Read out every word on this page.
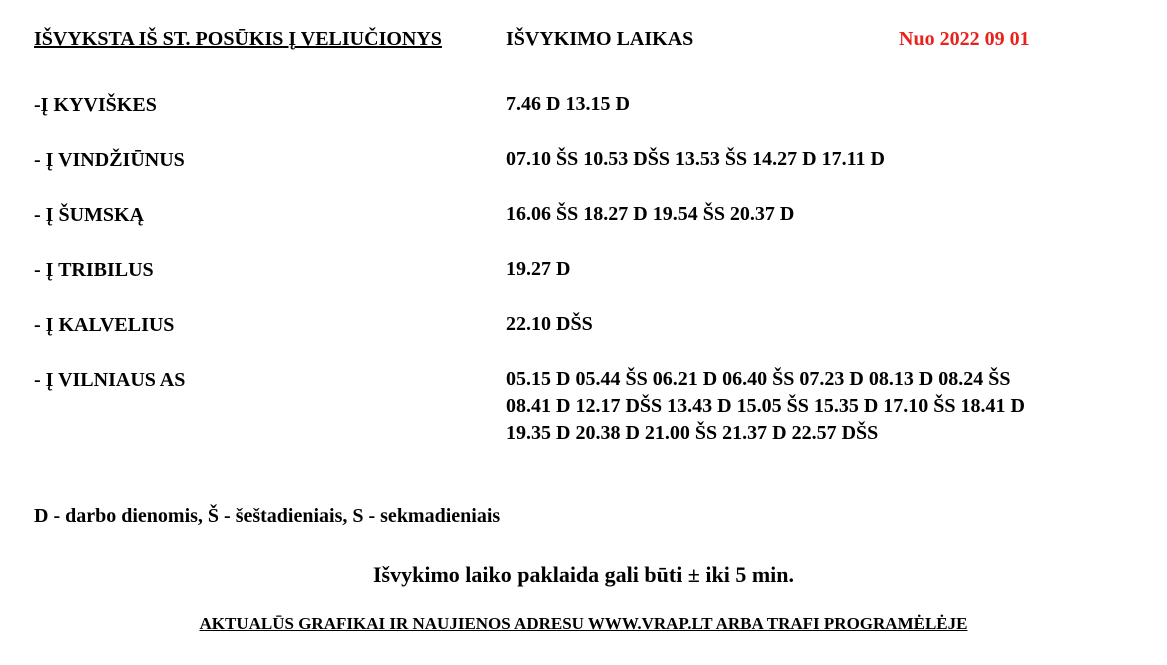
IŠVYKSTA IŠ ST. POSŪKIS Į VELIUČIONYS	IŠVYKIMO LAIKAS	Nuo 2022 09 01
-Į KYVIŠKES	7.46 D 13.15 D
- Į VINDŽIŪNUS	07.10 ŠS 10.53 DŠS 13.53 ŠS 14.27 D 17.11 D
- Į ŠUMSKĄ	16.06 ŠS 18.27 D 19.54 ŠS 20.37 D
- Į TRIBILUS	19.27 D
- Į KALVELIUS	22.10 DŠS
- Į VILNIAUS AS	05.15 D 05.44 ŠS 06.21 D 06.40 ŠS 07.23 D 08.13 D 08.24 ŠS
08.41 D 12.17 DŠS 13.43 D 15.05 ŠS 15.35 D 17.10 ŠS 18.41 D
19.35 D 20.38 D 21.00 ŠS 21.37 D 22.57 DŠS
D - darbo dienomis, Š - šeštadieniais, S - sekmadieniais
Išvykimo laiko paklaida gali būti ± iki 5 min.
AKTUALŪS GRAFIKAI IR NAUJIENOS ADRESU WWW.VRAP.LT ARBA TRAFI PROGRAMĖLĖJE
